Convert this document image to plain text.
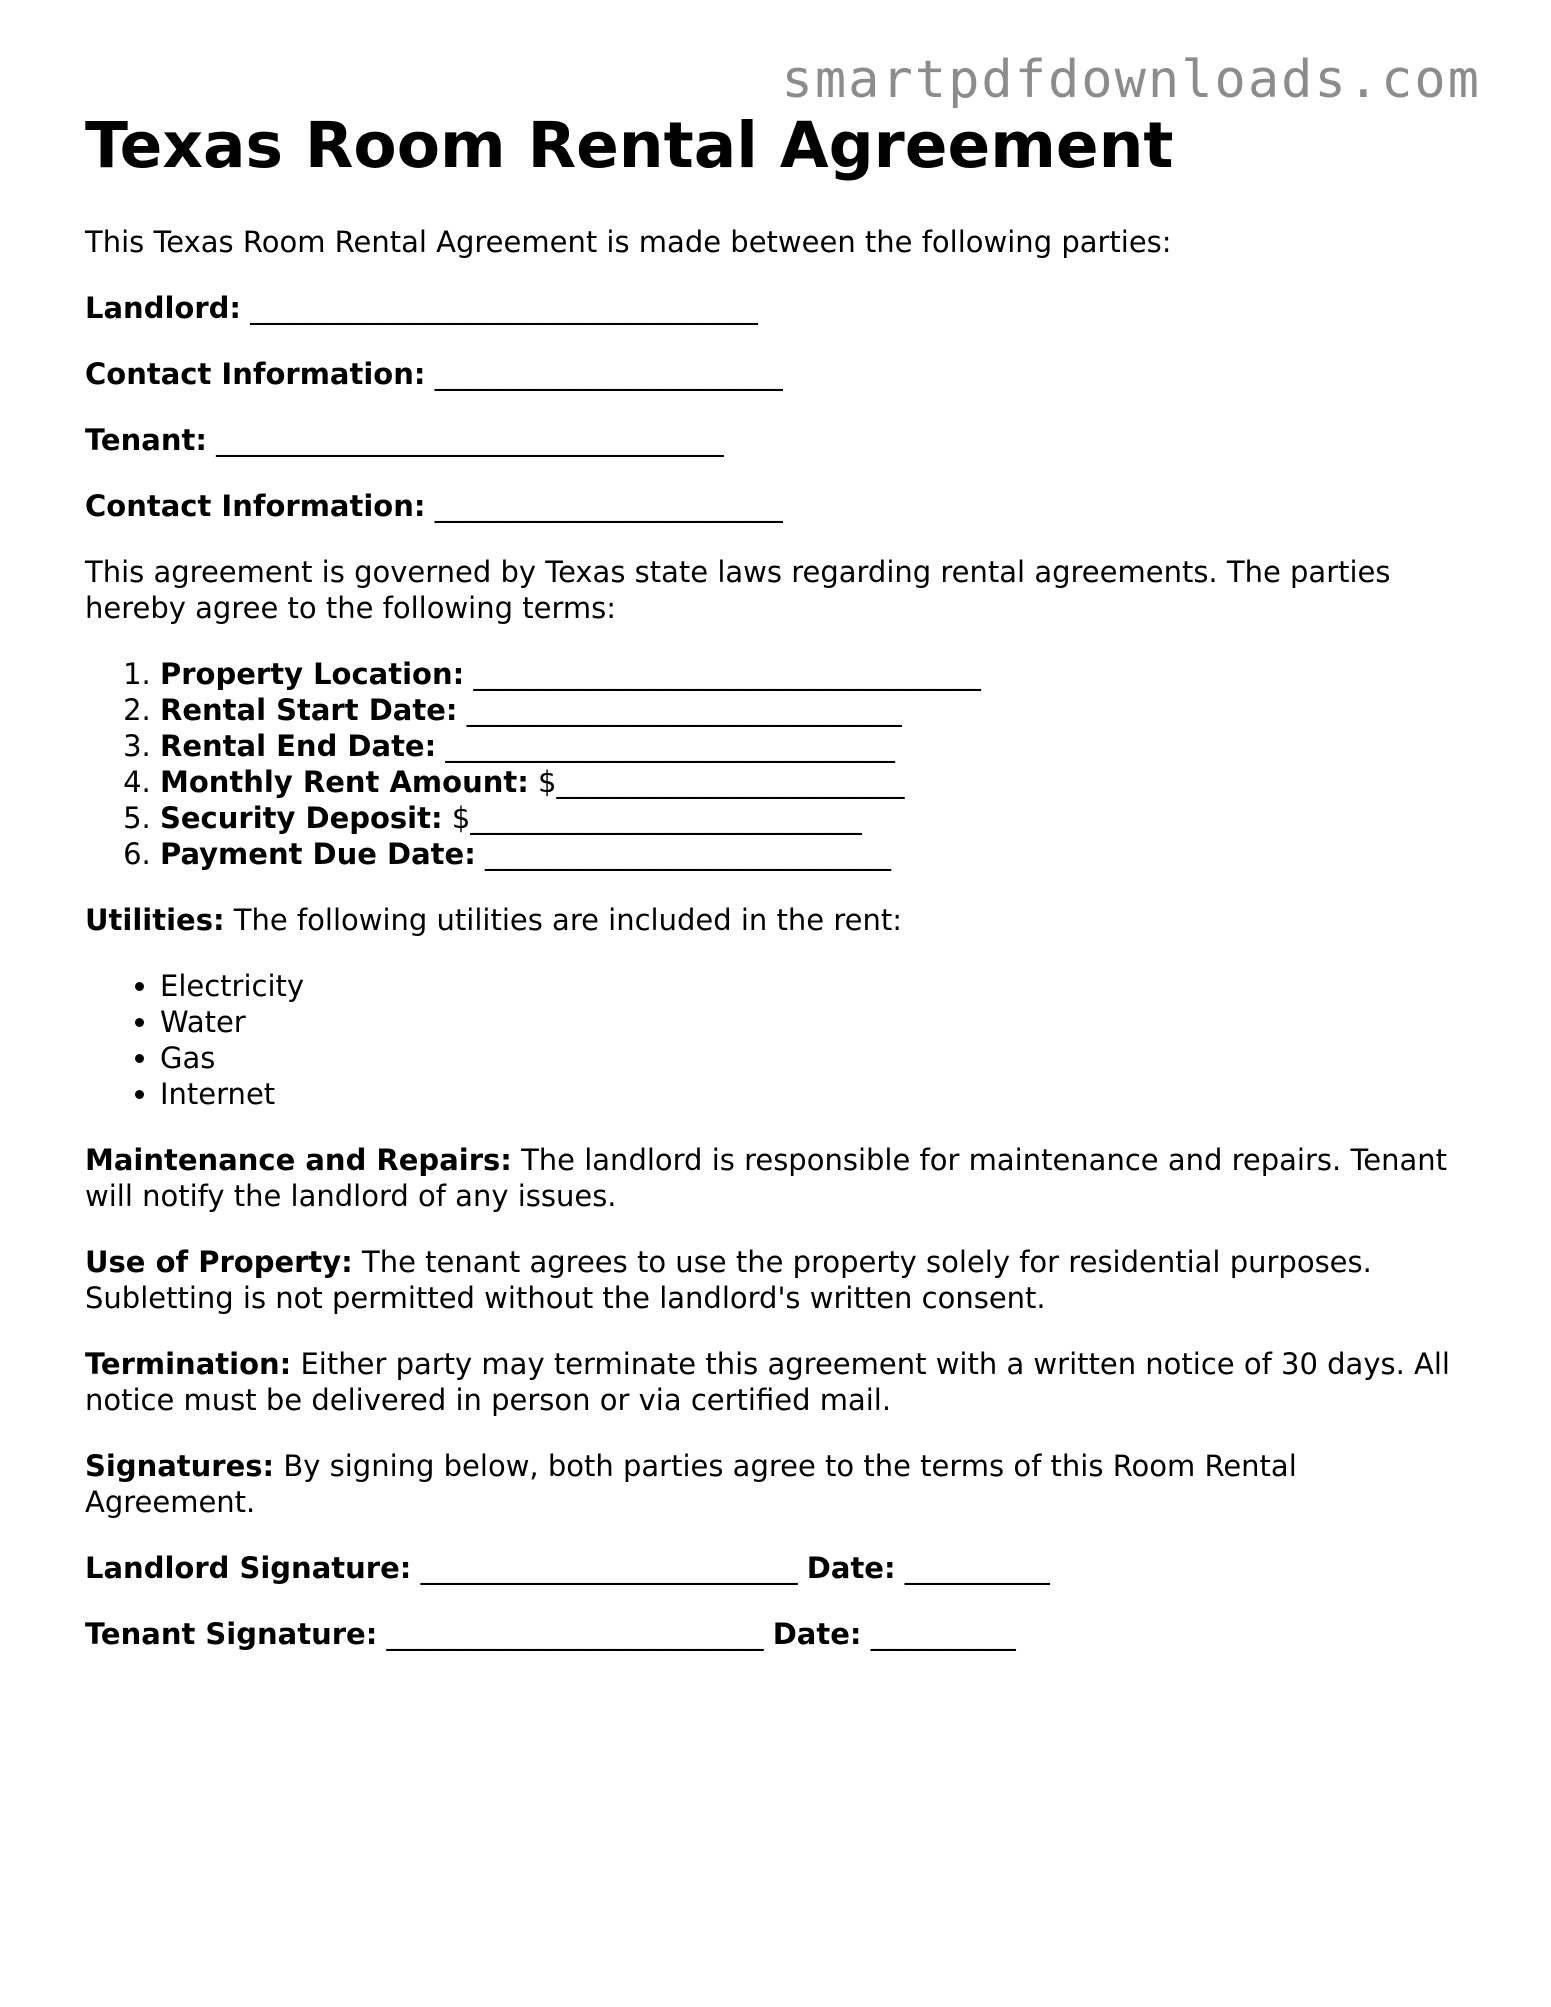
smartpdfdownloads.com
Texas Room Rental Agreement

This Texas Room Rental Agreement is made between the following parties:

Landlord: ___________________________________

Contact Information: ________________________

Tenant: ___________________________________

Contact Information: ________________________

This agreement is governed by Texas state laws regarding rental agreements. The parties hereby agree to the following terms:

1. Property Location: ___________________________________
2. Rental Start Date: ______________________________
3. Rental End Date: _______________________________
4. Monthly Rent Amount: $________________________
5. Security Deposit: $___________________________
6. Payment Due Date: ____________________________

Utilities: The following utilities are included in the rent:

• Electricity
• Water
• Gas
• Internet

Maintenance and Repairs: The landlord is responsible for maintenance and repairs. Tenant will notify the landlord of any issues.

Use of Property: The tenant agrees to use the property solely for residential purposes. Subletting is not permitted without the landlord's written consent.

Termination: Either party may terminate this agreement with a written notice of 30 days. All notice must be delivered in person or via certified mail.

Signatures: By signing below, both parties agree to the terms of this Room Rental Agreement.

Landlord Signature: __________________________ Date: __________

Tenant Signature: __________________________ Date: __________
